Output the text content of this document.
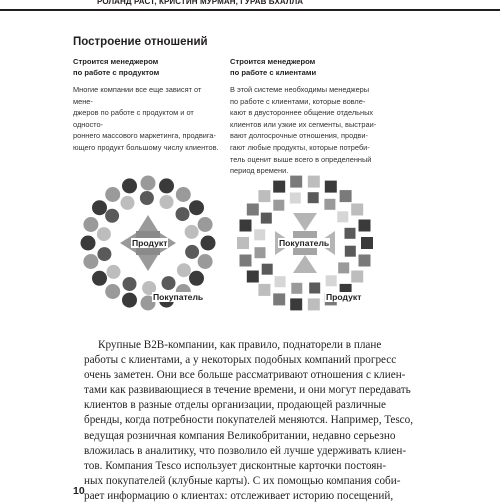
РОЛАНД РАСТ, КРИСТИН МУРМАН, ГУРАВ БХАЛЛА
Построение отношений
Строится менеджером
по работе с продуктом
Строится менеджером
по работе с клиентами
Многие компании все еще зависят от мене-
джеров по работе с продуктом и от односто-
роннего массового маркетинга, продвига-
ющего продукт большому числу клиентов.
В этой системе необходимы менеджеры
по работе с клиентами, которые вовле-
кают в двустороннее общение отдельных
клиентов или узкие их сегменты, выстраи-
вают долгосрочные отношения, продви-
гают любые продукты, которые потреби-
тель оценит выше всего в определенный
период времени.
Продукт
Покупатель
Покупатель
Продукт
Крупные B2B-компании, как правило, поднаторели в плане
работы с клиентами, а у некоторых подобных компаний прогресс
очень заметен. Они все больше рассматривают отношения с клиен-
тами как развивающиеся в течение времени, и они могут передавать
клиентов в разные отделы организации, продающей различные
бренды, когда потребности покупателей меняются. Например, Tesco,
ведущая розничная компания Великобритании, недавно серьезно
вложилась в аналитику, что позволило ей лучше удерживать клиен-
тов. Компания Tesco использует дисконтные карточки постоян-
ных покупателей (клубные карты). С их помощью компания соби-
рает информацию о клиентах: отслеживает историю посещений,
10
